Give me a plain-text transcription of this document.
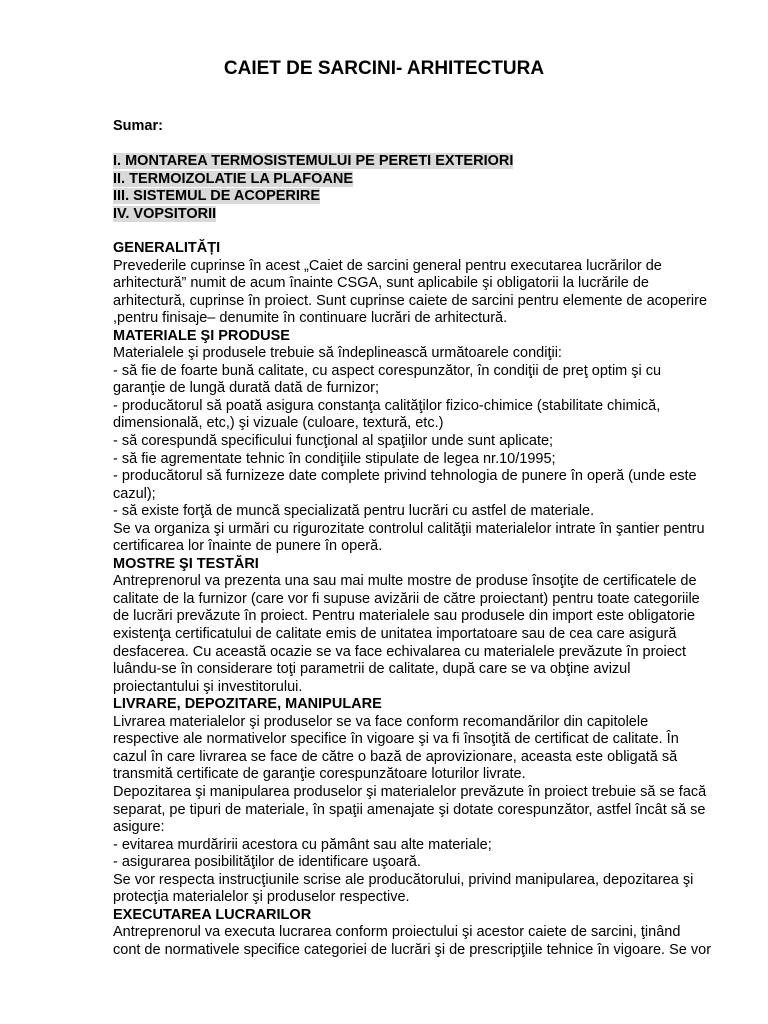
CAIET DE SARCINI- ARHITECTURA
Sumar:
I. MONTAREA TERMOSISTEMULUI PE PERETI EXTERIORI
II. TERMOIZOLATIE LA PLAFOANE
III. SISTEMUL DE ACOPERIRE
IV. VOPSITORII
GENERALITĂȚI
Prevederile cuprinse în acest „Caiet de sarcini general pentru executarea lucrărilor de
arhitectură” numit de acum înainte CSGA, sunt aplicabile şi obligatorii la lucrările de
arhitectură, cuprinse în proiect. Sunt cuprinse caiete de sarcini pentru elemente de acoperire
,pentru finisaje– denumite în continuare lucrări de arhitectură.
MATERIALE ŞI PRODUSE
Materialele şi produsele trebuie să îndeplinească următoarele condiţii:
- să fie de foarte bună calitate, cu aspect corespunzător, în condiţii de preţ optim şi cu
garanţie de lungă durată dată de furnizor;
- producătorul să poată asigura constanţa calităţilor fizico-chimice (stabilitate chimică,
dimensională, etc,) şi vizuale (culoare, textură, etc.)
- să corespundă specificului funcţional al spaţiilor unde sunt aplicate;
- să fie agrementate tehnic în condiţiile stipulate de legea nr.10/1995;
- producătorul să furnizeze date complete privind tehnologia de punere în operă (unde este
cazul);
- să existe forţă de muncă specializată pentru lucrări cu astfel de materiale.
Se va organiza şi urmări cu rigurozitate controlul calităţii materialelor intrate în şantier pentru
certificarea lor înainte de punere în operă.
MOSTRE ŞI TESTĂRI
Antreprenorul va prezenta una sau mai multe mostre de produse însoţite de certificatele de
calitate de la furnizor (care vor fi supuse avizării de către proiectant) pentru toate categoriile
de lucrări prevăzute în proiect. Pentru materialele sau produsele din import este obligatorie
existenţa certificatului de calitate emis de unitatea importatoare sau de cea care asigură
desfacerea. Cu această ocazie se va face echivalarea cu materialele prevăzute în proiect
luându-se în considerare toţi parametrii de calitate, după care se va obţine avizul
proiectantului şi investitorului.
LIVRARE, DEPOZITARE, MANIPULARE
Livrarea materialelor şi produselor se va face conform recomandărilor din capitolele
respective ale normativelor specifice în vigoare şi va fi însoţită de certificat de calitate. În
cazul în care livrarea se face de către o bază de aprovizionare, aceasta este obligată să
transmită certificate de garanţie corespunzătoare loturilor livrate.
Depozitarea şi manipularea produselor şi materialelor prevăzute în proiect trebuie să se facă
separat, pe tipuri de materiale, în spaţii amenajate şi dotate corespunzător, astfel încât să se
asigure:
- evitarea murdăririi acestora cu pământ sau alte materiale;
- asigurarea posibilităţilor de identificare uşoară.
Se vor respecta instrucţiunile scrise ale producătorului, privind manipularea, depozitarea şi
protecţia materialelor şi produselor respective.
EXECUTAREA LUCRARILOR
Antreprenorul va executa lucrarea conform proiectului şi acestor caiete de sarcini, ţinând
cont de normativele specifice categoriei de lucrări şi de prescripţiile tehnice în vigoare. Se vor
